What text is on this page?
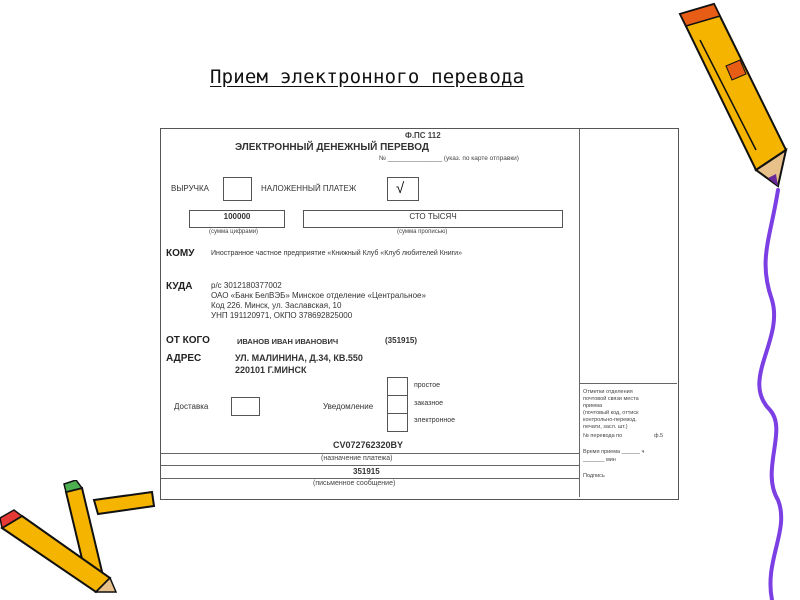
Прием электронного перевода
Ф.ПС 112
ЭЛЕКТРОННЫЙ ДЕНЕЖНЫЙ ПЕРЕВОД
№ _______________ (указ. по карте отправки)
ВЫРУЧКА	НАЛОЖЕННЫЙ ПЛАТЕЖ	√
100000
(сумма цифрами)
СТО ТЫСЯЧ
(сумма прописью)
КОМУ Иностранное частное предприятие «Книжный Клуб «Клуб любителей Книги»
КУДА р/с 3012180377002
ОАО «Банк БелВЭБ» Минское отделение «Центральное»
Код 226. Минск, ул. Заславская, 10
УНП 191120971, ОКПО 378692825000
ОТ КОГО	ИВАНОВ ИВАН ИВАНОВИЧ	(351915)
АДРЕС	УЛ. МАЛИНИНА, Д.34, КВ.550
220101 Г.МИНСК
Доставка	Уведомление
простое
заказное
электронное
CV072762320BY
(назначение платежа)
351915
(письменное сообщение)
Отметки отделения
почтовой связи места
приема
(почтовый код, оттиск
контрольно-перевод.
печати, засл. шт.)
№ перевода по	ф.5
Время приема ______ ч
_______ мин
Подпись
